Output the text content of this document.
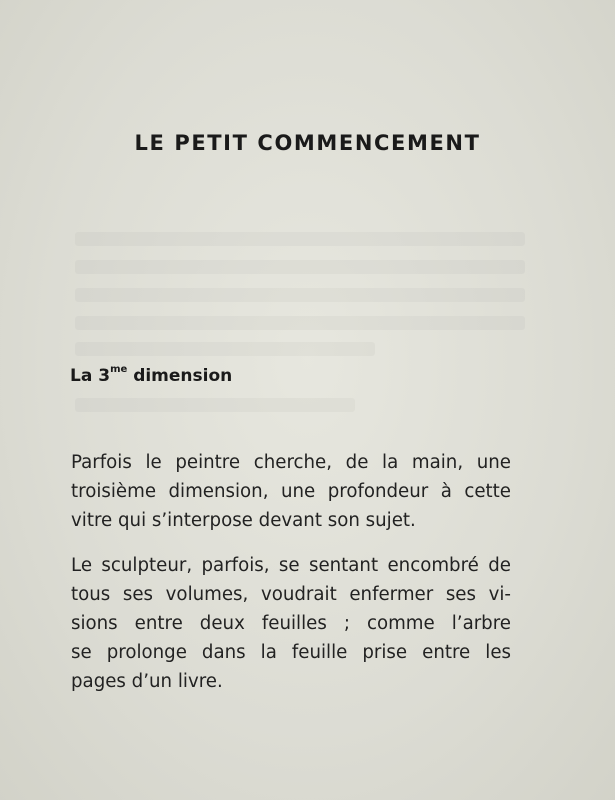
LE PETIT COMMENCEMENT
La $3^{me}$ dimension

Parfois le peintre cherche, de la main, une
troisième dimension, une profondeur à cette
vitre qui s’interpose devant son sujet.

Le sculpteur, parfois, se sentant encombré de
tous ses volumes, voudrait enfermer ses vi-
sions entre deux feuilles ; comme l’arbre
se prolonge dans la feuille prise entre les
pages d’un livre.
